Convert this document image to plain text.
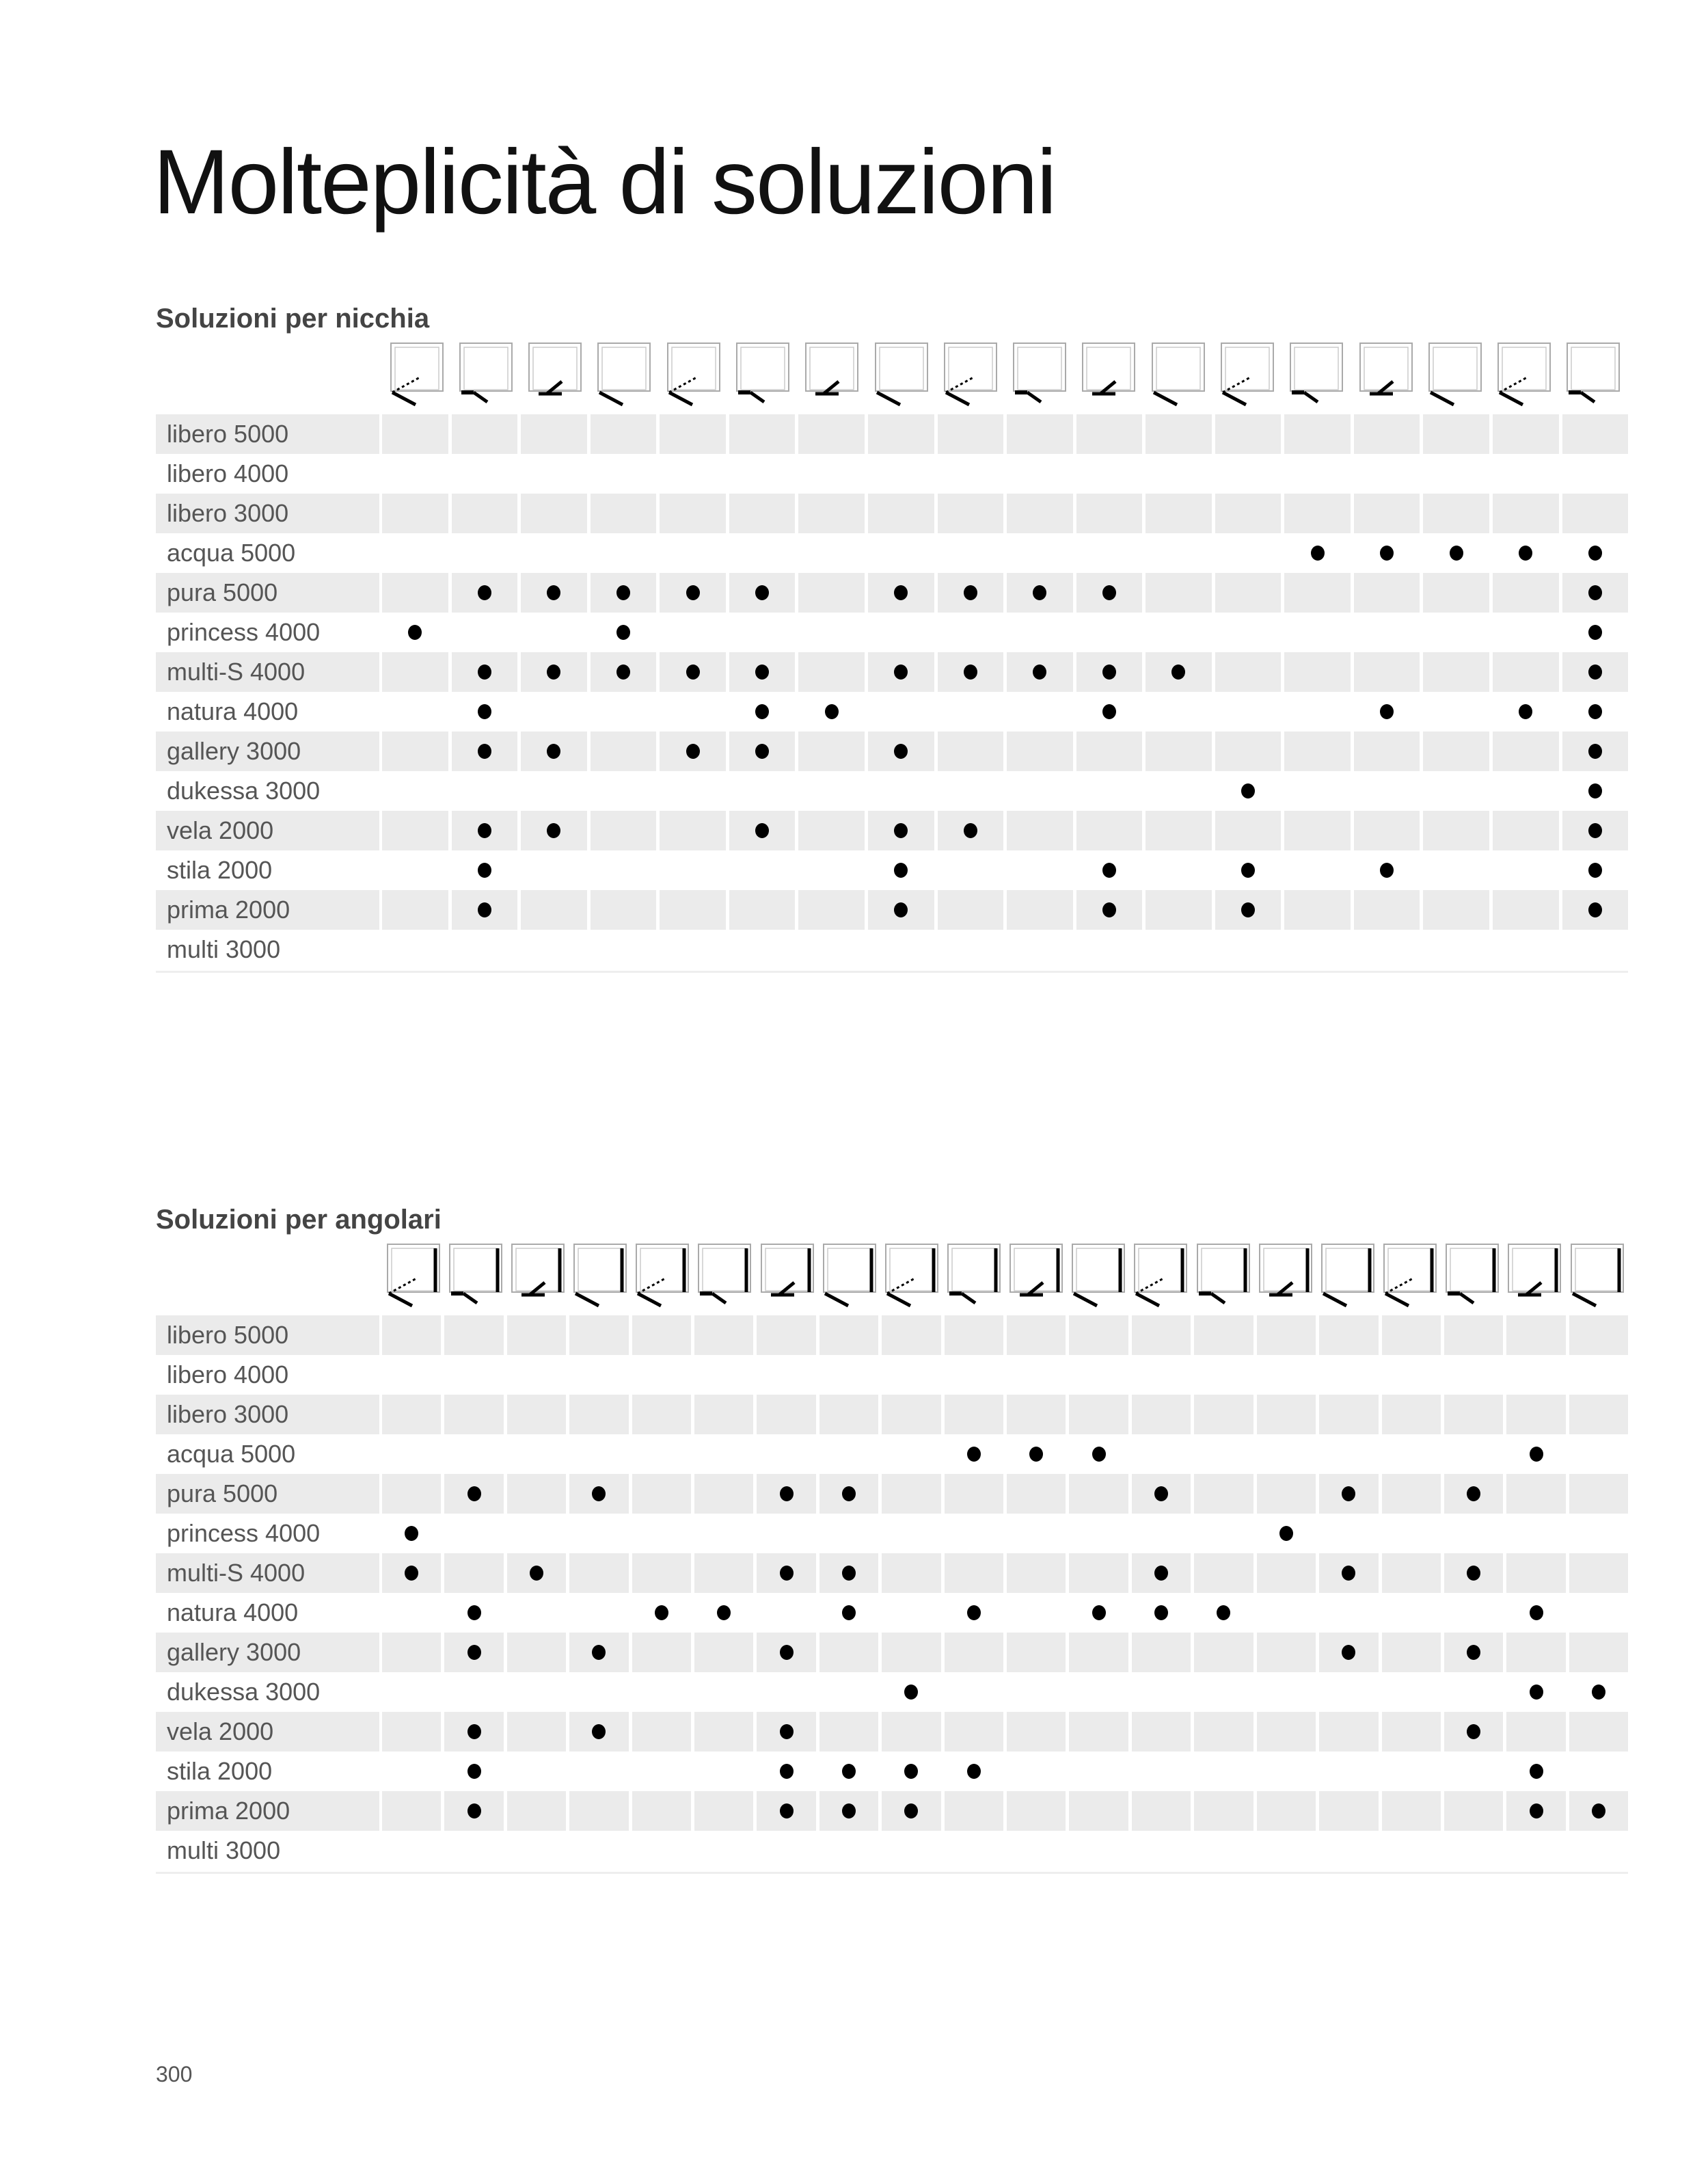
Molteplicità di soluzioni
Soluzioni per nicchia
libero 5000
libero 4000
libero 3000
acqua 5000
pura 5000
princess 4000
multi-S 4000
natura 4000
gallery 3000
dukessa 3000
vela 2000
stila 2000
prima 2000
multi 3000
Soluzioni per angolari
libero 5000
libero 4000
libero 3000
acqua 5000
pura 5000
princess 4000
multi-S 4000
natura 4000
gallery 3000
dukessa 3000
vela 2000
stila 2000
prima 2000
multi 3000
300
